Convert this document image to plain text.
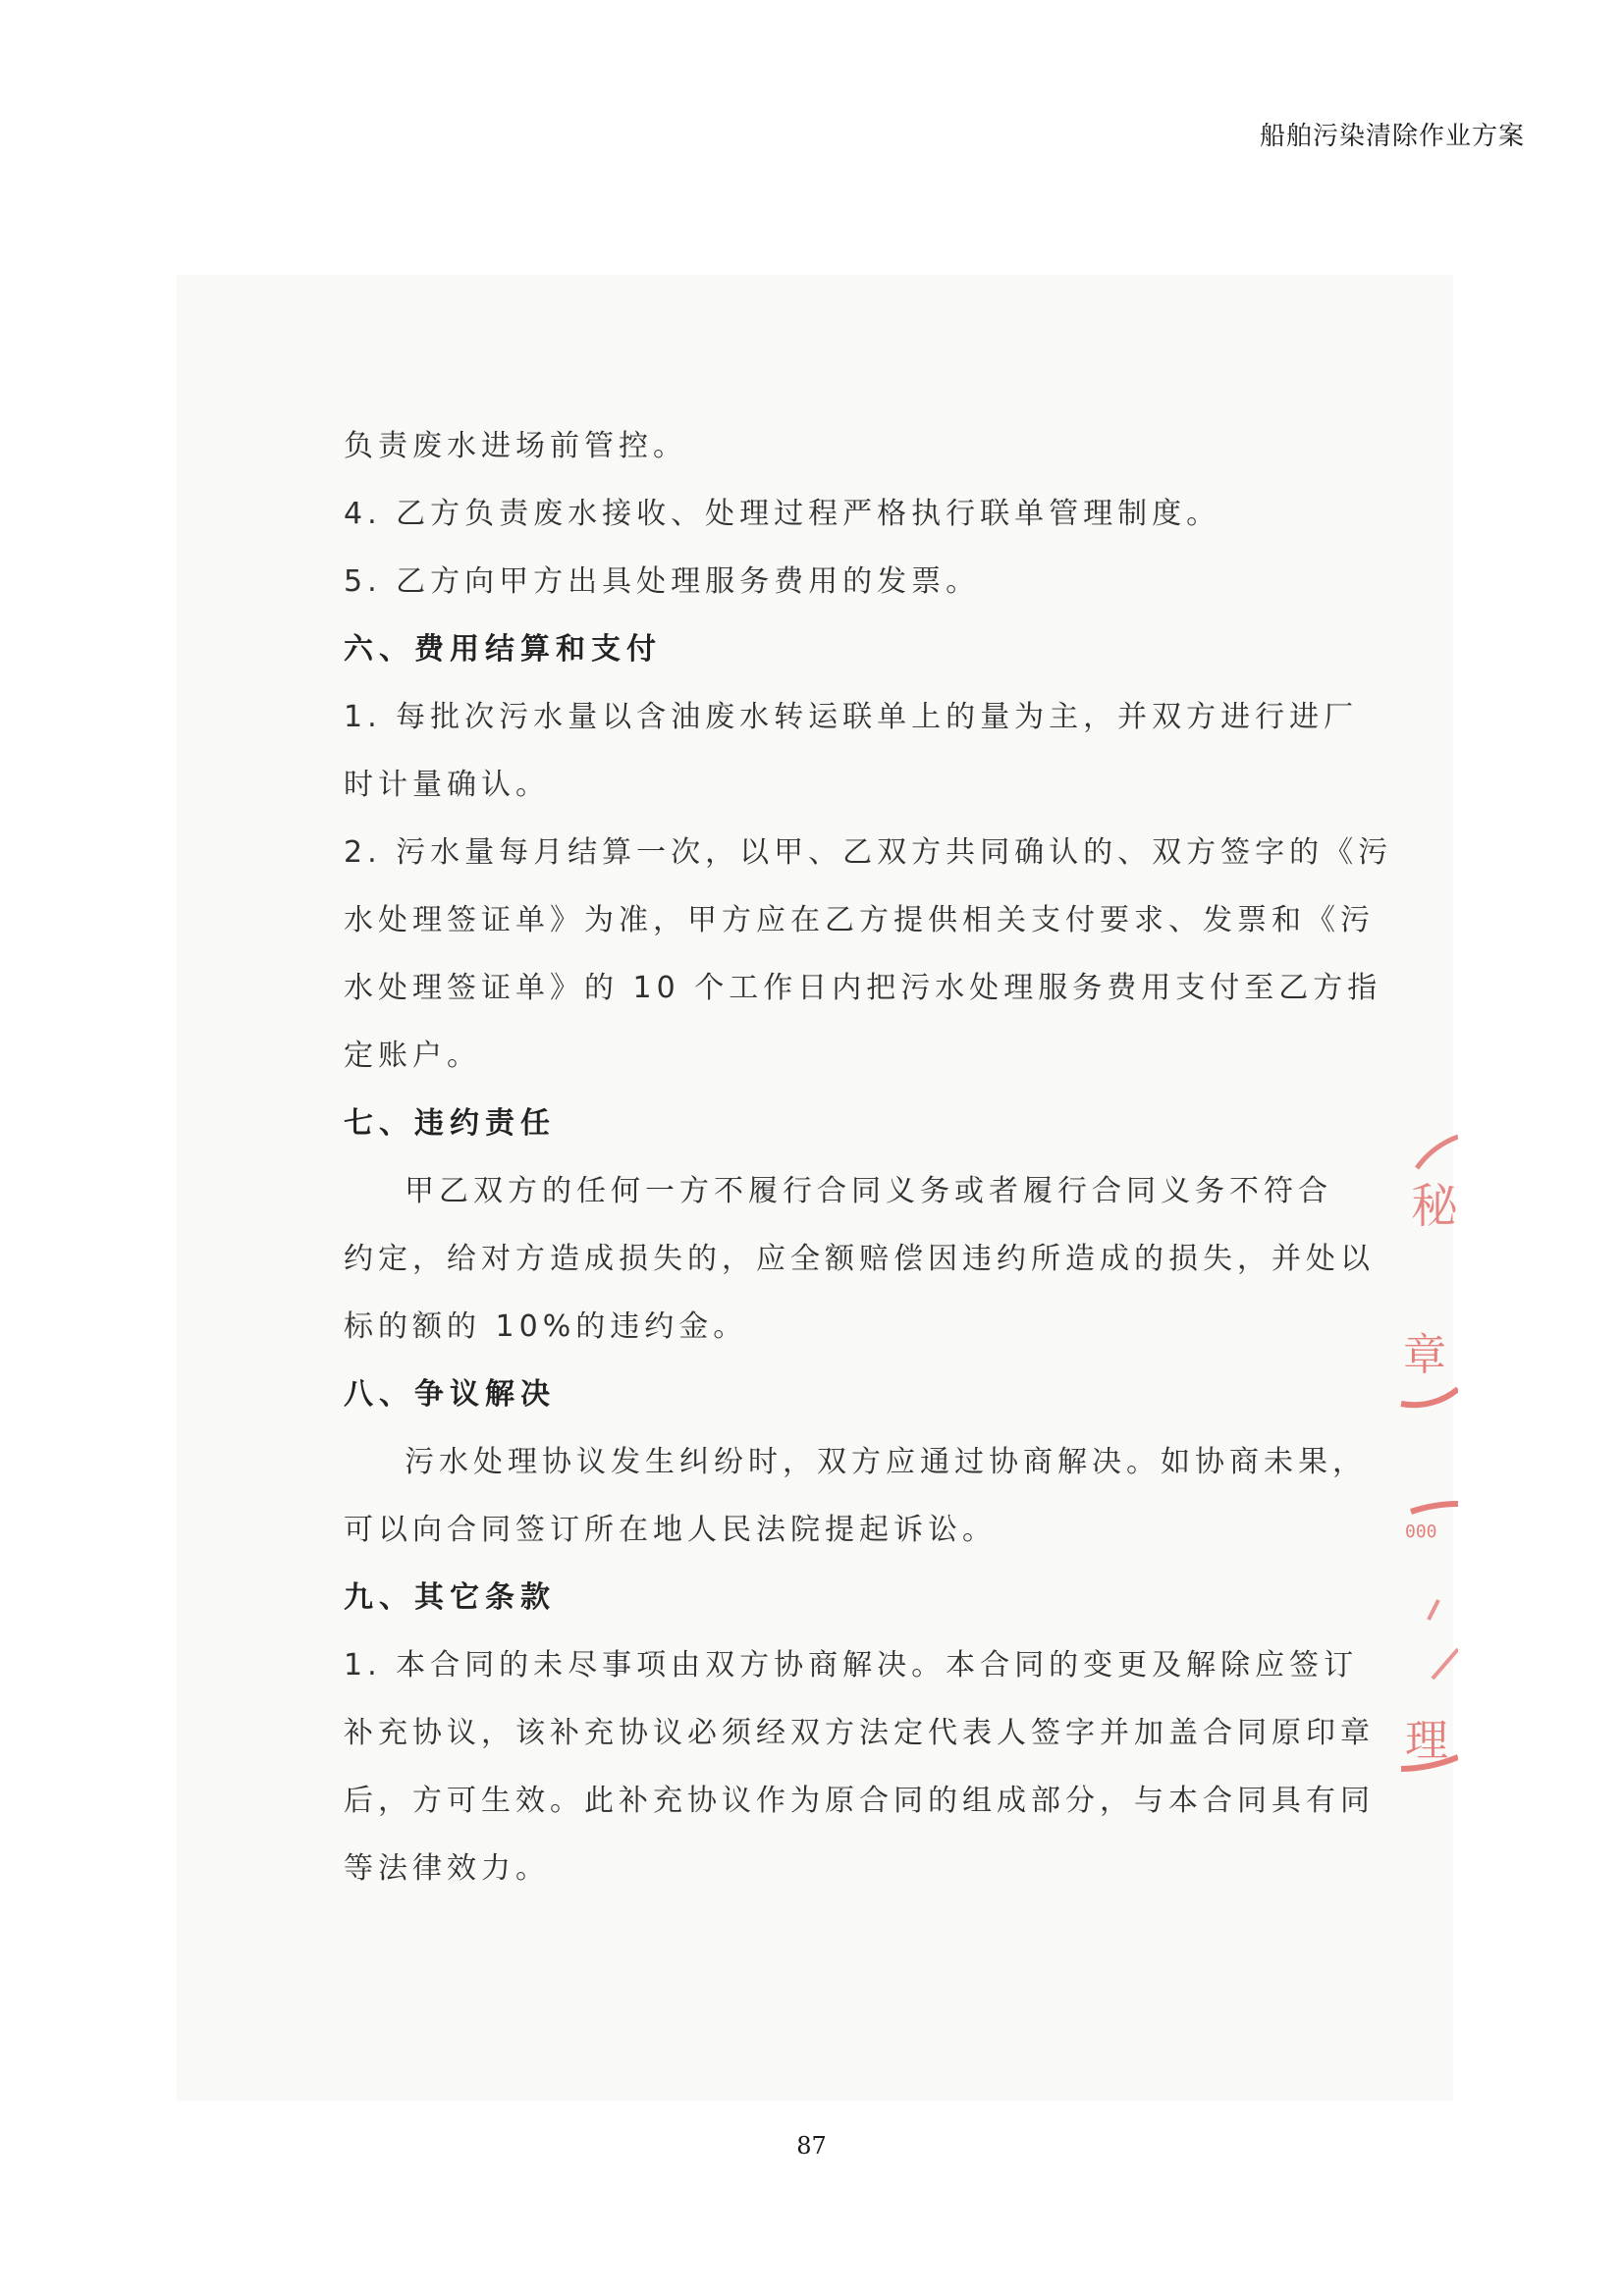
船舶污染清除作业方案
负责废水进场前管控。
4. 乙方负责废水接收、处理过程严格执行联单管理制度。
5. 乙方向甲方出具处理服务费用的发票。
六、费用结算和支付
1. 每批次污水量以含油废水转运联单上的量为主，并双方进行进厂
时计量确认。
2. 污水量每月结算一次，以甲、乙双方共同确认的、双方签字的《污
水处理签证单》为准，甲方应在乙方提供相关支付要求、发票和《污
水处理签证单》的 10 个工作日内把污水处理服务费用支付至乙方指
定账户。
七、违约责任
甲乙双方的任何一方不履行合同义务或者履行合同义务不符合
约定，给对方造成损失的，应全额赔偿因违约所造成的损失，并处以
标的额的 10%的违约金。
八、争议解决
污水处理协议发生纠纷时，双方应通过协商解决。如协商未果，
可以向合同签订所在地人民法院提起诉讼。
九、其它条款
1. 本合同的未尽事项由双方协商解决。本合同的变更及解除应签订
补充协议，该补充协议必须经双方法定代表人签字并加盖合同原印章
后，方可生效。此补充协议作为原合同的组成部分，与本合同具有同
等法律效力。
秘
章
000
理
87
